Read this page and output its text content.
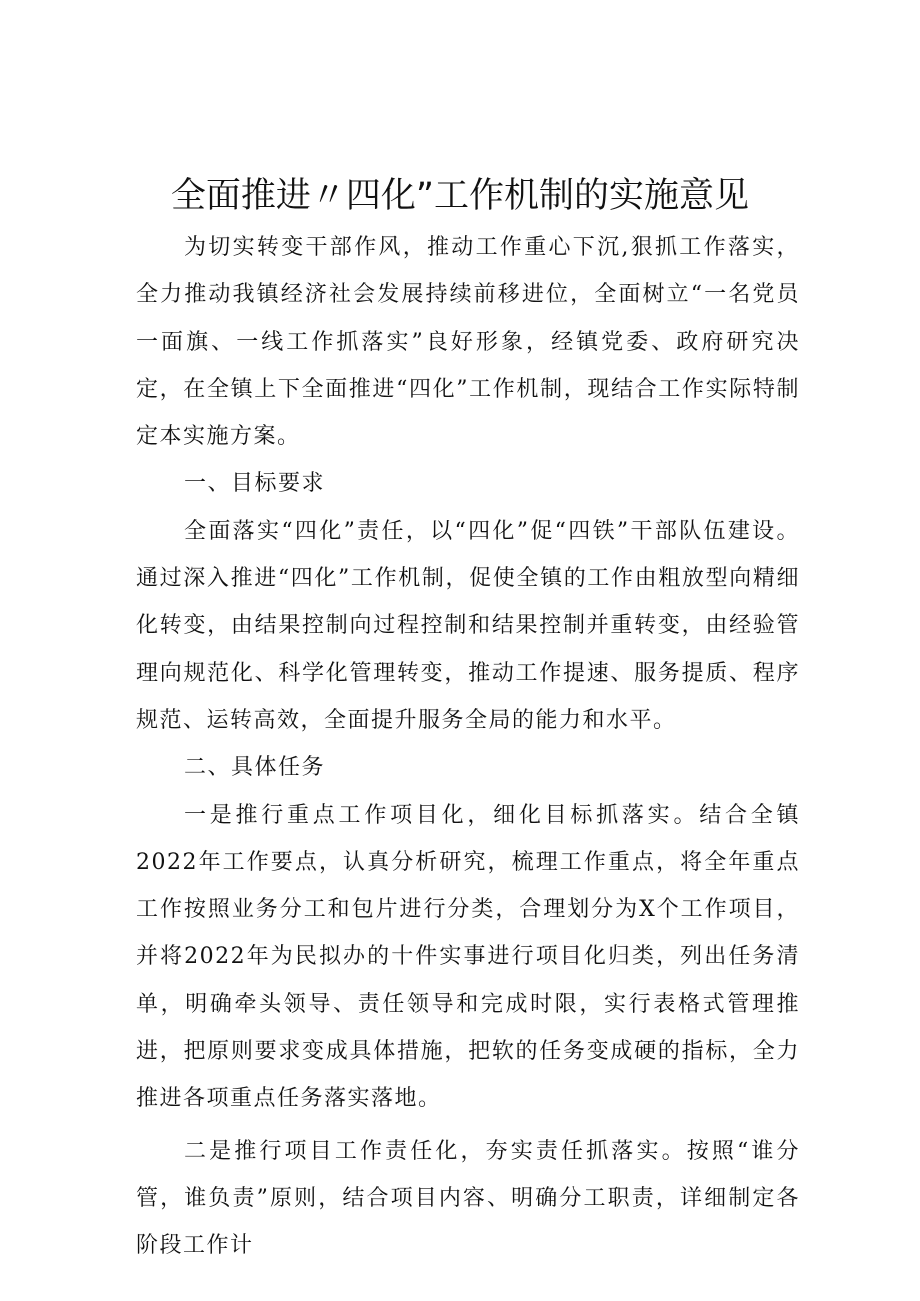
全面推进〃四化”工作机制的实施意见

为切实转变干部作风，推动工作重心下沉,狠抓工作落实，全力推动我镇经济社会发展持续前移进位，全面树立“一名党员一面旗、一线工作抓落实”良好形象，经镇党委、政府研究决定，在全镇上下全面推进“四化”工作机制，现结合工作实际特制定本实施方案。

一、目标要求

全面落实“四化”责任，以“四化”促“四铁”干部队伍建设。通过深入推进“四化”工作机制，促使全镇的工作由粗放型向精细化转变，由结果控制向过程控制和结果控制并重转变，由经验管理向规范化、科学化管理转变，推动工作提速、服务提质、程序规范、运转高效，全面提升服务全局的能力和水平。

二、具体任务

一是推行重点工作项目化，细化目标抓落实。结合全镇2022年工作要点，认真分析研究，梳理工作重点，将全年重点工作按照业务分工和包片进行分类，合理划分为X个工作项目，并将2022年为民拟办的十件实事进行项目化归类，列出任务清单，明确牵头领导、责任领导和完成时限，实行表格式管理推进，把原则要求变成具体措施，把软的任务变成硬的指标，全力推进各项重点任务落实落地。

二是推行项目工作责任化，夯实责任抓落实。按照“谁分管，谁负责”原则，结合项目内容、明确分工职责，详细制定各阶段工作计
